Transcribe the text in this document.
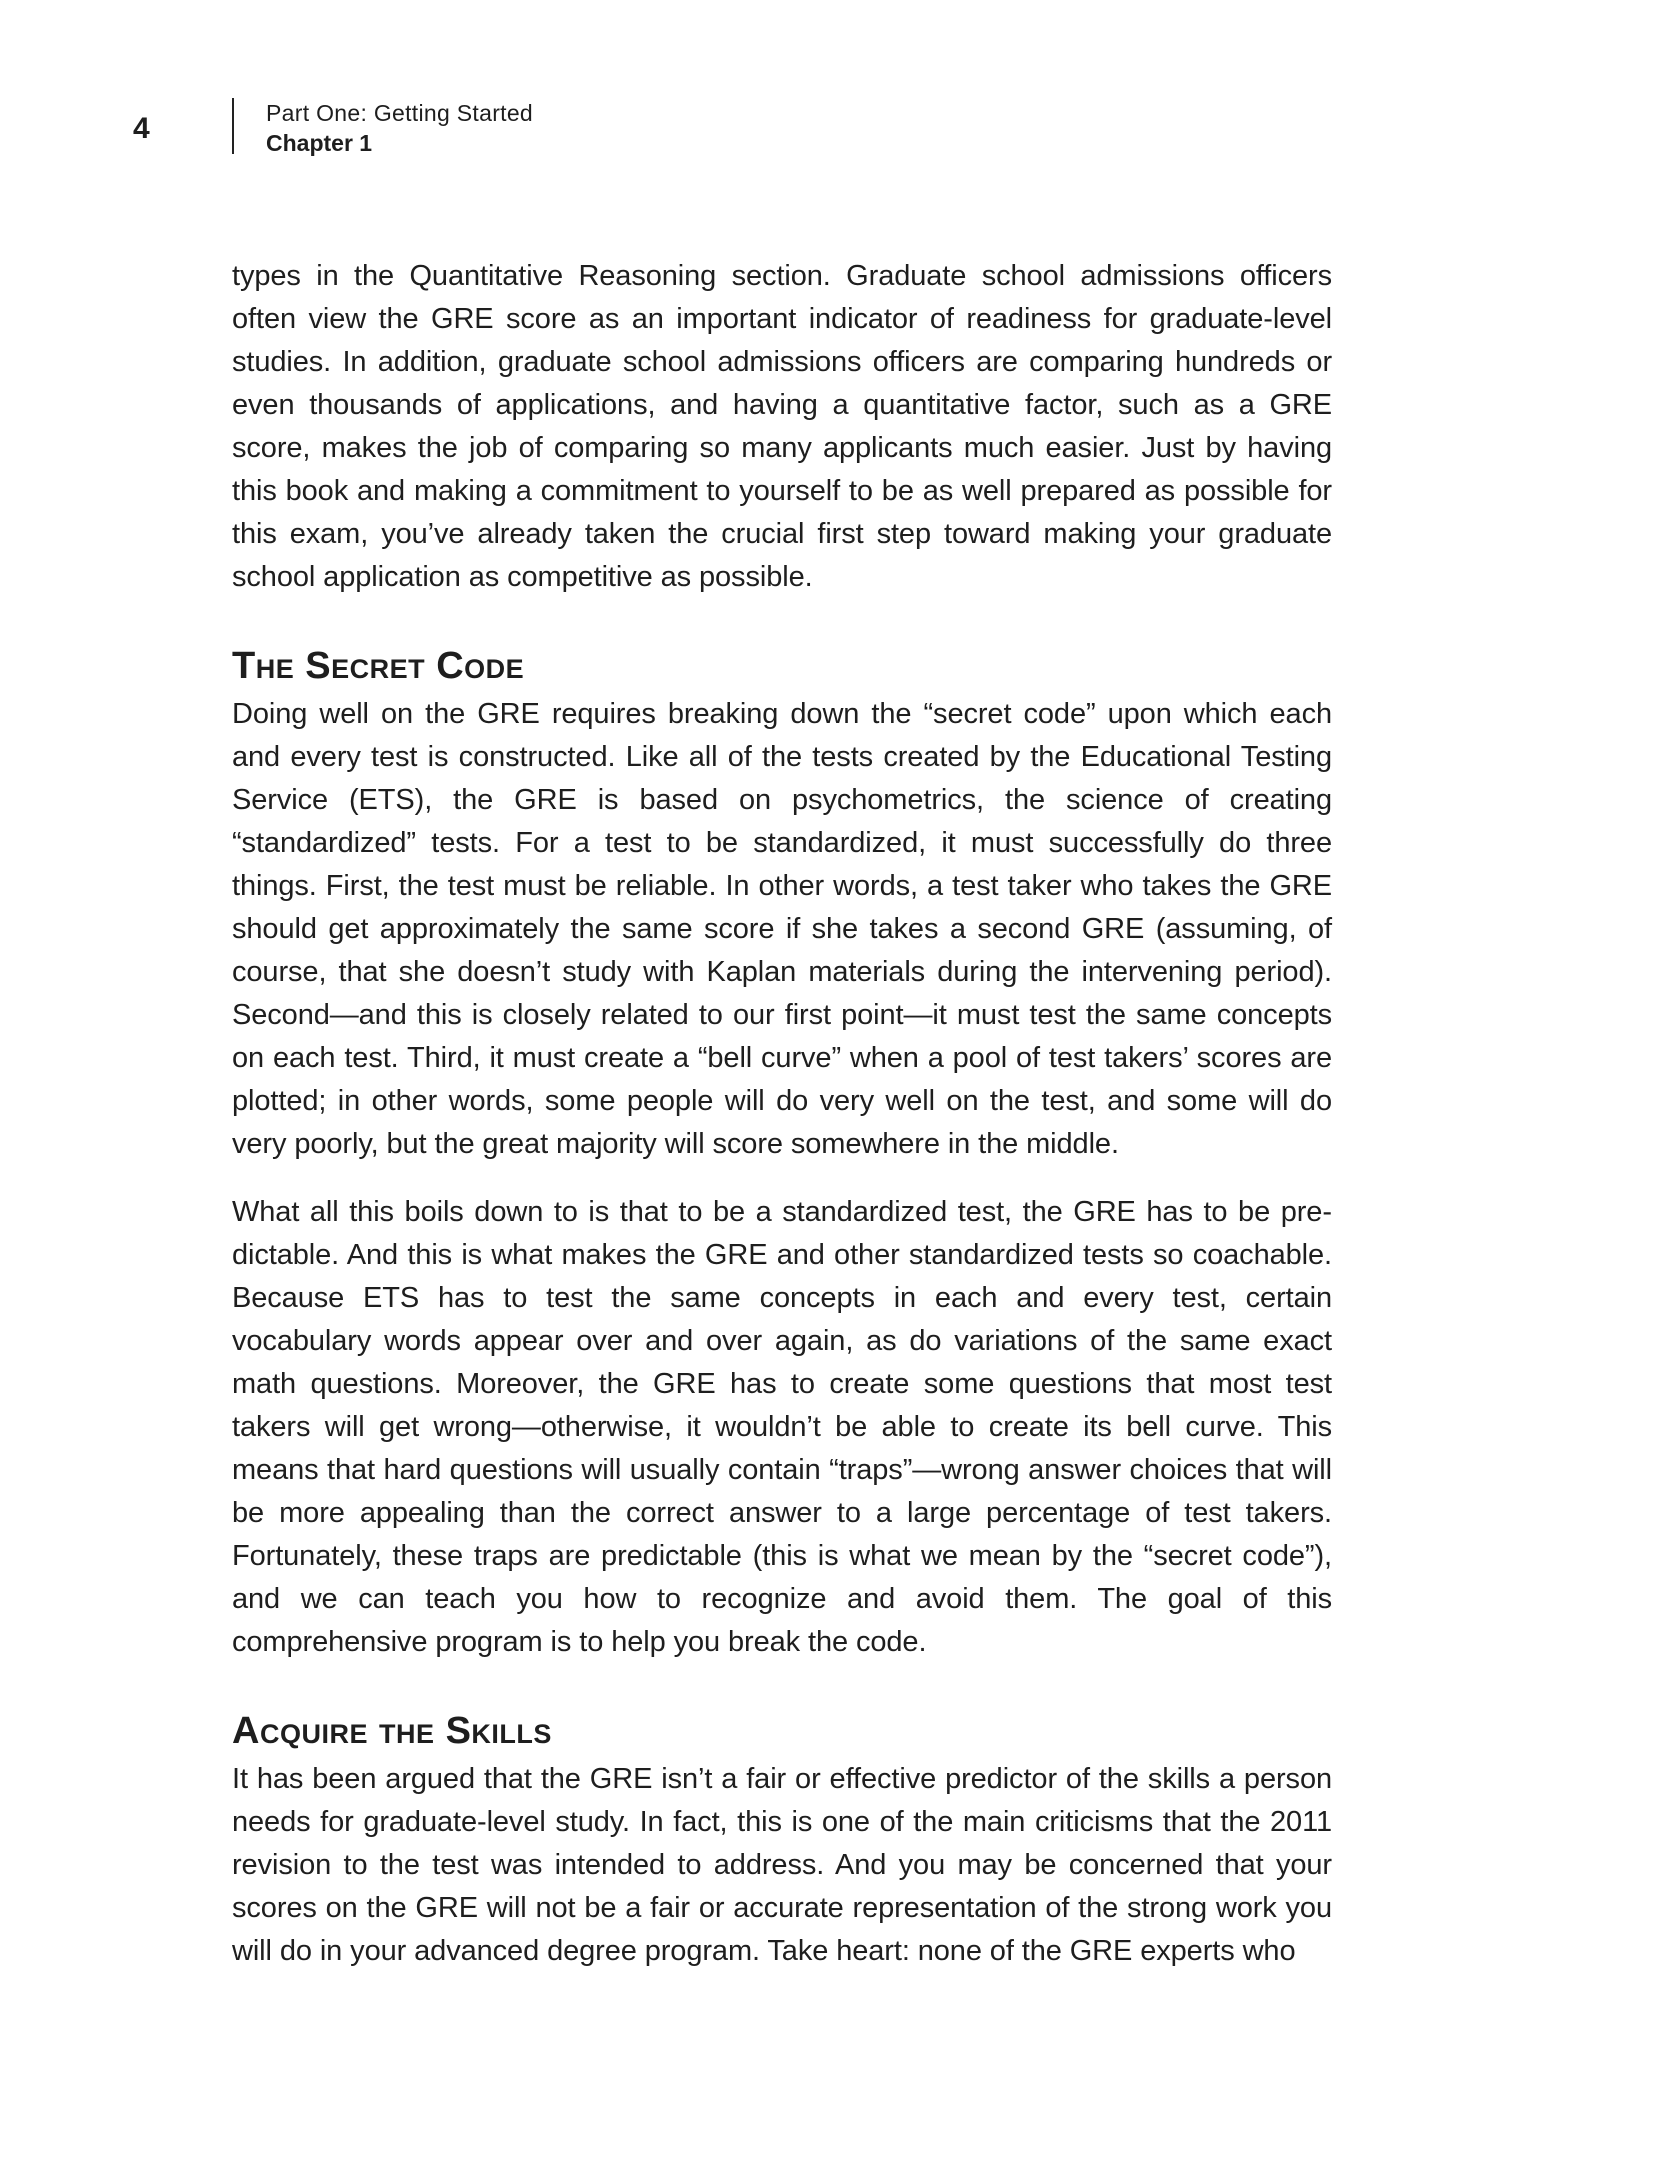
4	Part One: Getting Started
Chapter 1

types in the Quantitative Reasoning section. Graduate school admissions officers often view the GRE score as an important indicator of readiness for graduate-level studies. In addition, graduate school admissions officers are comparing hundreds or even thousands of applications, and having a quantitative factor, such as a GRE score, makes the job of comparing so many applicants much easier. Just by having this book and making a commitment to yourself to be as well prepared as possible for this exam, you’ve already taken the crucial first step toward making your graduate school application as competitive as possible.

The Secret Code

Doing well on the GRE requires breaking down the “secret code” upon which each and every test is constructed. Like all of the tests created by the Educational Testing Service (ETS), the GRE is based on psychometrics, the science of creating “standardized” tests. For a test to be standardized, it must successfully do three things. First, the test must be reliable. In other words, a test taker who takes the GRE should get approximately the same score if she takes a second GRE (assuming, of course, that she doesn’t study with Kaplan materials during the intervening period). Second—and this is closely related to our first point—it must test the same concepts on each test. Third, it must create a “bell curve” when a pool of test takers’ scores are plotted; in other words, some people will do very well on the test, and some will do very poorly, but the great majority will score somewhere in the middle.

What all this boils down to is that to be a standardized test, the GRE has to be predictable. And this is what makes the GRE and other standardized tests so coachable. Because ETS has to test the same concepts in each and every test, certain vocabulary words appear over and over again, as do variations of the same exact math questions. Moreover, the GRE has to create some questions that most test takers will get wrong—otherwise, it wouldn’t be able to create its bell curve. This means that hard questions will usually contain “traps”—wrong answer choices that will be more appealing than the correct answer to a large percentage of test takers. Fortunately, these traps are predictable (this is what we mean by the “secret code”), and we can teach you how to recognize and avoid them. The goal of this comprehensive program is to help you break the code.

Acquire the Skills

It has been argued that the GRE isn’t a fair or effective predictor of the skills a person needs for graduate-level study. In fact, this is one of the main criticisms that the 2011 revision to the test was intended to address. And you may be concerned that your scores on the GRE will not be a fair or accurate representation of the strong work you will do in your advanced degree program. Take heart: none of the GRE experts who
